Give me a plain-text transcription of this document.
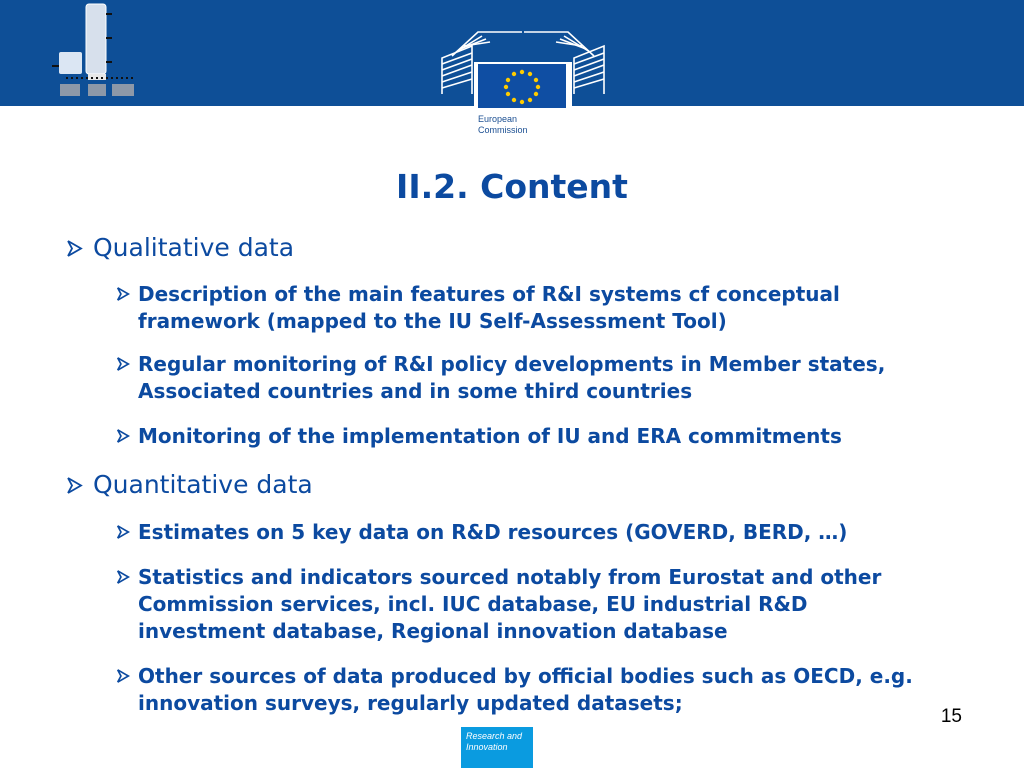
European
Commission
II.2. Content
Qualitative data
Description of the main features of R&I systems cf conceptual framework (mapped to the IU Self-Assessment Tool)
Regular monitoring of R&I policy developments in Member states, Associated countries and in some third countries
Monitoring of the implementation of IU and ERA commitments
Quantitative data
Estimates on 5 key data on R&D resources (GOVERD, BERD, …)
Statistics and indicators sourced notably from Eurostat and other Commission services, incl. IUC database, EU industrial R&D investment database, Regional innovation database
Other sources of data produced by official bodies such as OECD, e.g. innovation surveys, regularly updated datasets;
15
Research and
Innovation
